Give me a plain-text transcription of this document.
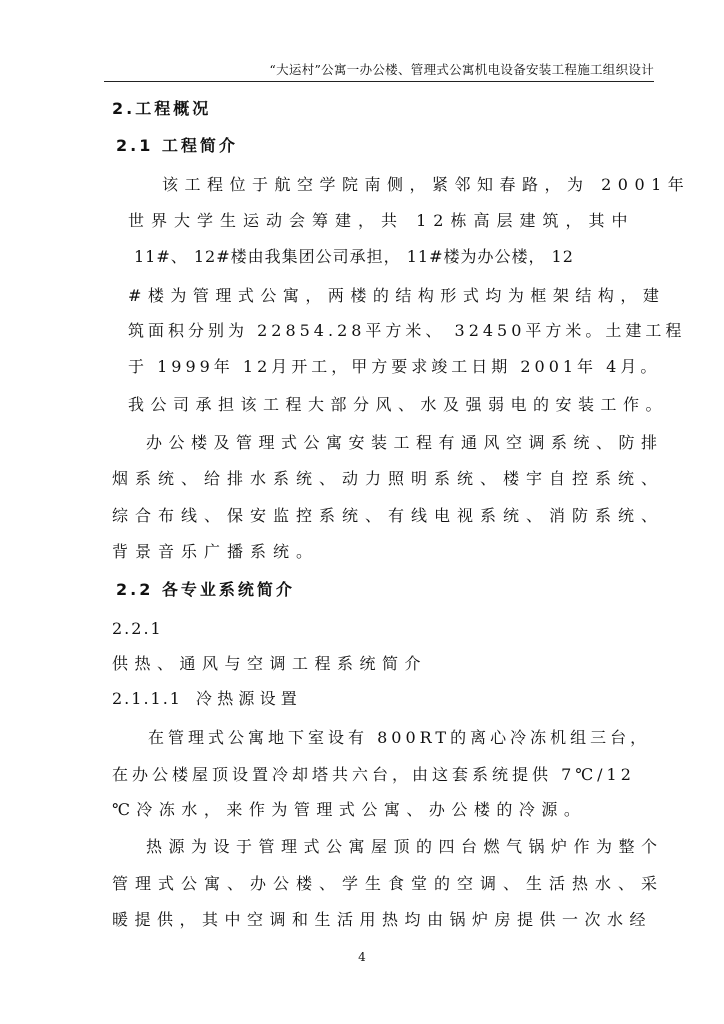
“大运村”公寓一办公楼、管理式公寓机电设备安装工程施工组织设计
2.工程概况
2.1 工程简介
该工程位于航空学院南侧，紧邻知春路，为 2001年
世界大学生运动会筹建，共 12栋高层建筑，其中
11#、 12#楼由我集团公司承担， 11#楼为办公楼， 12
#楼为管理式公寓，两楼的结构形式均为框架结构，建
筑面积分别为 22854.28平方米、 32450平方米。土建工程
于 1999年 12月开工，甲方要求竣工日期 2001年 4月。
我公司承担该工程大部分风、水及强弱电的安装工作。
办公楼及管理式公寓安装工程有通风空调系统、防排
烟系统、给排水系统、动力照明系统、楼宇自控系统、
综合布线、保安监控系统、有线电视系统、消防系统、
背景音乐广播系统。
2.2 各专业系统简介
2.2.1
供热、通风与空调工程系统简介
2.1.1.1 冷热源设置
在管理式公寓地下室设有 800RT的离心冷冻机组三台，
在办公楼屋顶设置冷却塔共六台，由这套系统提供 7℃/12
℃冷冻水，来作为管理式公寓、办公楼的冷源。
热源为设于管理式公寓屋顶的四台燃气锅炉作为整个
管理式公寓、办公楼、学生食堂的空调、生活热水、采
暖提供，其中空调和生活用热均由锅炉房提供一次水经
4
